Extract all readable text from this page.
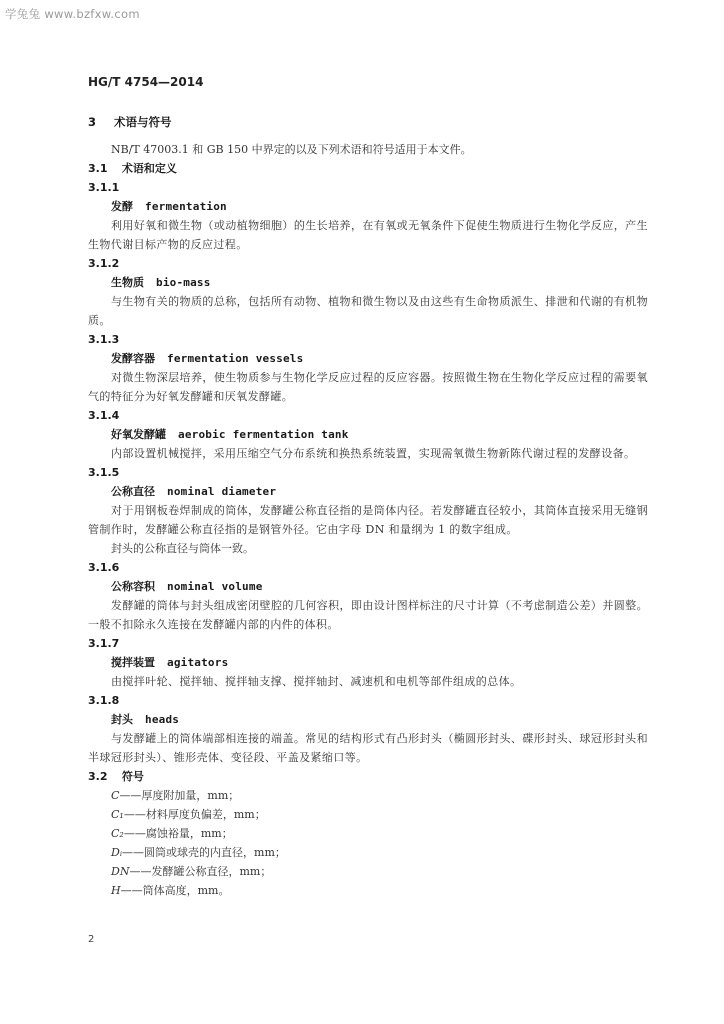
学兔兔 www.bzfxw.com
HG/T 4754—2014
3 术语与符号
NB/T 47003.1 和 GB 150 中界定的以及下列术语和符号适用于本文件。
3.1 术语和定义
3.1.1
发酵 fermentation
利用好氧和微生物（或动植物细胞）的生长培养，在有氧或无氧条件下促使生物质进行生物化学反应，产生生物代谢目标产物的反应过程。
3.1.2
生物质 bio-mass
与生物有关的物质的总称，包括所有动物、植物和微生物以及由这些有生命物质派生、排泄和代谢的有机物质。
3.1.3
发酵容器 fermentation vessels
对微生物深层培养，使生物质参与生物化学反应过程的反应容器。按照微生物在生物化学反应过程的需要氧气的特征分为好氧发酵罐和厌氧发酵罐。
3.1.4
好氧发酵罐 aerobic fermentation tank
内部设置机械搅拌，采用压缩空气分布系统和换热系统装置，实现需氧微生物新陈代谢过程的发酵设备。
3.1.5
公称直径 nominal diameter
对于用钢板卷焊制成的筒体，发酵罐公称直径指的是筒体内径。若发酵罐直径较小，其筒体直接采用无缝钢管制作时，发酵罐公称直径指的是钢管外径。它由字母 DN 和量纲为 1 的数字组成。
封头的公称直径与筒体一致。
3.1.6
公称容积 nominal volume
发酵罐的筒体与封头组成密闭壁腔的几何容积，即由设计图样标注的尺寸计算（不考虑制造公差）并圆整。一般不扣除永久连接在发酵罐内部的内件的体积。
3.1.7
搅拌装置 agitators
由搅拌叶轮、搅拌轴、搅拌轴支撑、搅拌轴封、减速机和电机等部件组成的总体。
3.1.8
封头 heads
与发酵罐上的筒体端部相连接的端盖。常见的结构形式有凸形封头（椭圆形封头、碟形封头、球冠形封头和半球冠形封头）、锥形壳体、变径段、平盖及紧缩口等。
3.2 符号
C——厚度附加量，mm；
C₁——材料厚度负偏差，mm；
C₂——腐蚀裕量，mm；
Dᵢ——圆筒或球壳的内直径，mm；
DN——发酵罐公称直径，mm；
H——筒体高度，mm。
2
